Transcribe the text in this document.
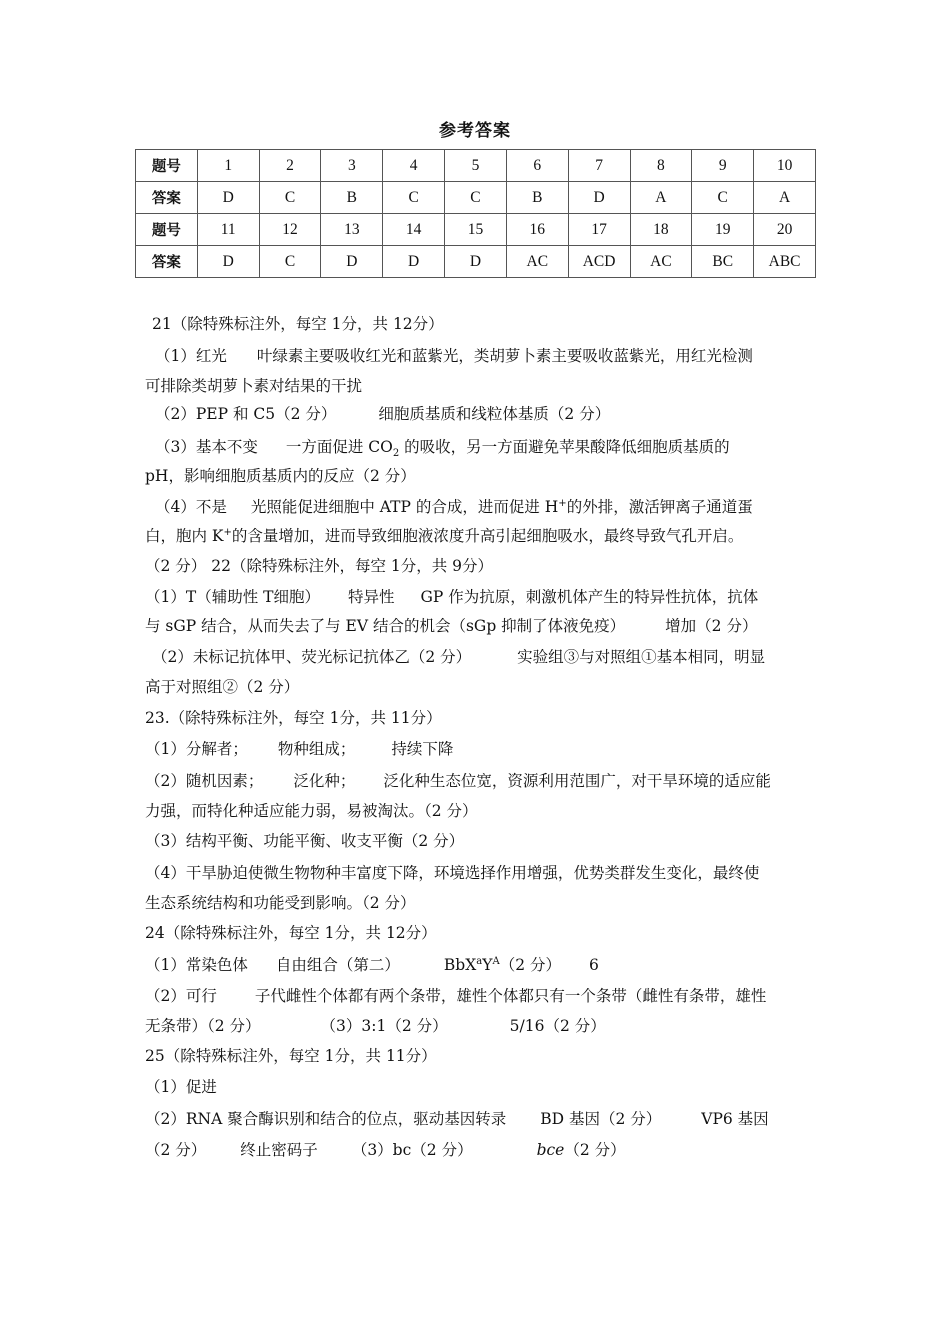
参考答案
题号	1	2	3	4	5	6	7	8	9	10
答案	D	C	B	C	C	B	D	A	C	A
题号	11	12	13	14	15	16	17	18	19	20
答案	D	C	D	D	D	AC	ACD	AC	BC	ABC
21（除特殊标注外，每空 1分，共 12分）
（1）红光 叶绿素主要吸收红光和蓝紫光，类胡萝卜素主要吸收蓝紫光，用红光检测
可排除类胡萝卜素对结果的干扰
（2）PEP 和 C5（2 分）	细胞质基质和线粒体基质（2 分）
（3）基本不变 一方面促进 $CO_2$ 的吸收，另一方面避免苹果酸降低细胞质基质的
pH，影响细胞质基质内的反应（2 分）
（4）不是 光照能促进细胞中 ATP 的合成，进而促进 H+的外排，激活钾离子通道蛋
白，胞内 K+的含量增加，进而导致细胞液浓度升高引起细胞吸水，最终导致气孔开启。
（2 分） 22（除特殊标注外，每空 1分，共 9分）
（1）T（辅助性 T细胞） 特异性 GP 作为抗原，刺激机体产生的特异性抗体，抗体
与 sGP 结合，从而失去了与 EV 结合的机会（sGp 抑制了体液免疫）	增加（2 分）
（2）未标记抗体甲、荧光标记抗体乙（2 分）	实验组③与对照组①基本相同，明显
高于对照组②（2 分）
23.（除特殊标注外，每空 1分，共 11分）
（1）分解者； 物种组成； 持续下降
（2）随机因素； 泛化种； 泛化种生态位宽，资源利用范围广，对干旱环境的适应能
力强，而特化种适应能力弱，易被淘汰。（2 分）
（3）结构平衡、功能平衡、收支平衡（2 分）
（4）干旱胁迫使微生物物种丰富度下降，环境选择作用增强，优势类群发生变化，最终使
生态系统结构和功能受到影响。（2 分）
24（除特殊标注外，每空 1分，共 12分）
（1）常染色体 自由组合（第二）	$BbX^aY^A(2$ 分） 6
（2）可行 子代雌性个体都有两个条带，雄性个体都只有一个条带（雌性有条带，雄性
无条带）（2 分）	（3）3:1（2 分）	5/16（2 分）
25（除特殊标注外，每空 1分，共 11分）
（1）促进
（2）RNA 聚合酶识别和结合的位点，驱动基因转录 BD 基因（2 分）	VP6 基因
（2 分） 终止密码子 （3）bc（2 分）	bce（2 分）
